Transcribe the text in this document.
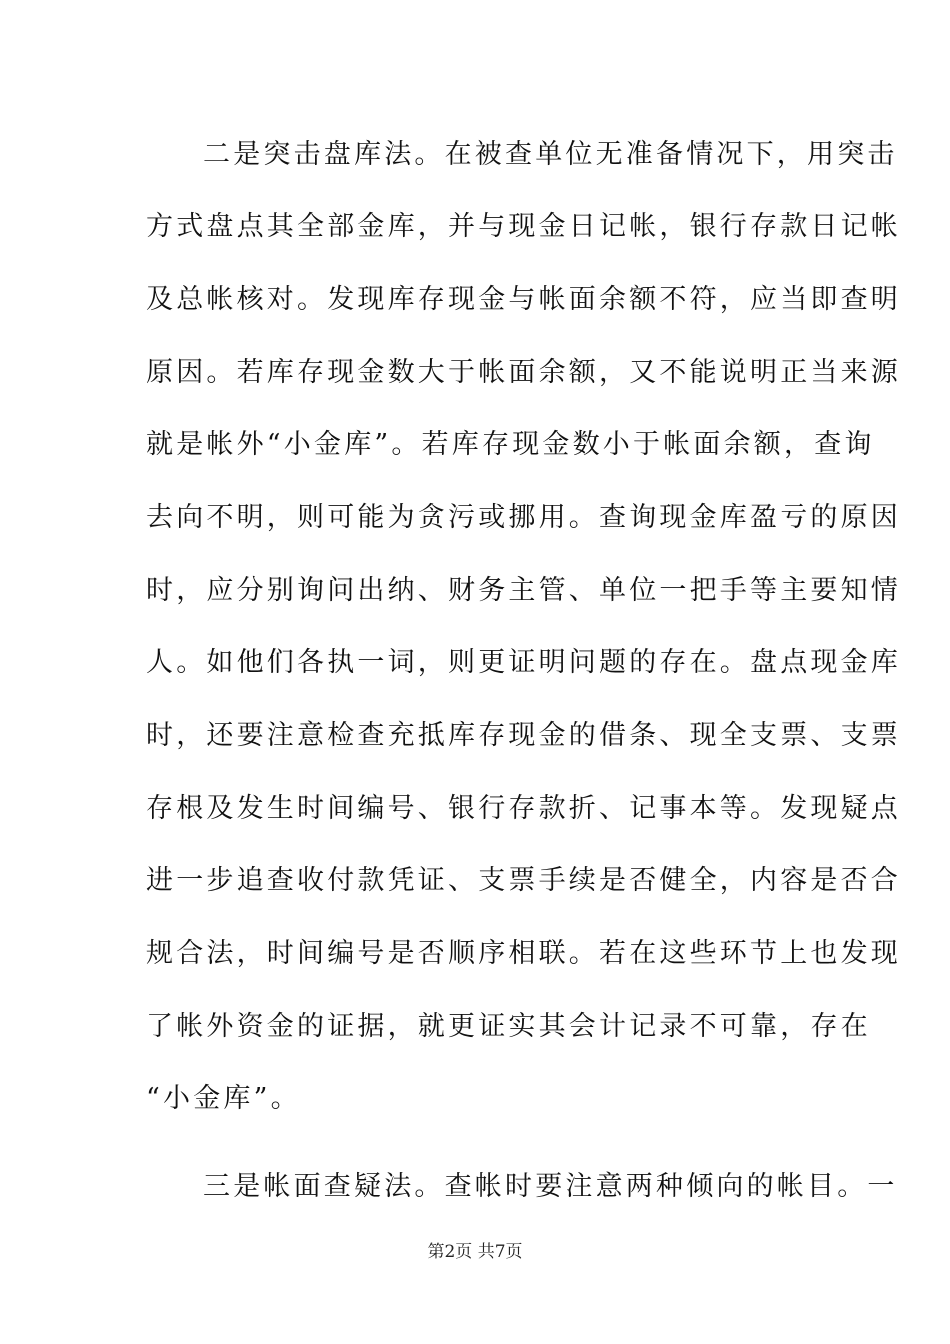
二是突击盘库法。在被查单位无准备情况下，用突击
方式盘点其全部金库，并与现金日记帐，银行存款日记帐
及总帐核对。发现库存现金与帐面余额不符，应当即查明
原因。若库存现金数大于帐面余额，又不能说明正当来源
就是帐外“小金库”。若库存现金数小于帐面余额，查询
去向不明，则可能为贪污或挪用。查询现金库盈亏的原因
时，应分别询问出纳、财务主管、单位一把手等主要知情
人。如他们各执一词，则更证明问题的存在。盘点现金库
时，还要注意检查充抵库存现金的借条、现全支票、支票
存根及发生时间编号、银行存款折、记事本等。发现疑点
进一步追查收付款凭证、支票手续是否健全，内容是否合
规合法，时间编号是否顺序相联。若在这些环节上也发现
了帐外资金的证据，就更证实其会计记录不可靠，存在
“小金库”。
三是帐面查疑法。查帐时要注意两种倾向的帐目。一
第2页 共7页
